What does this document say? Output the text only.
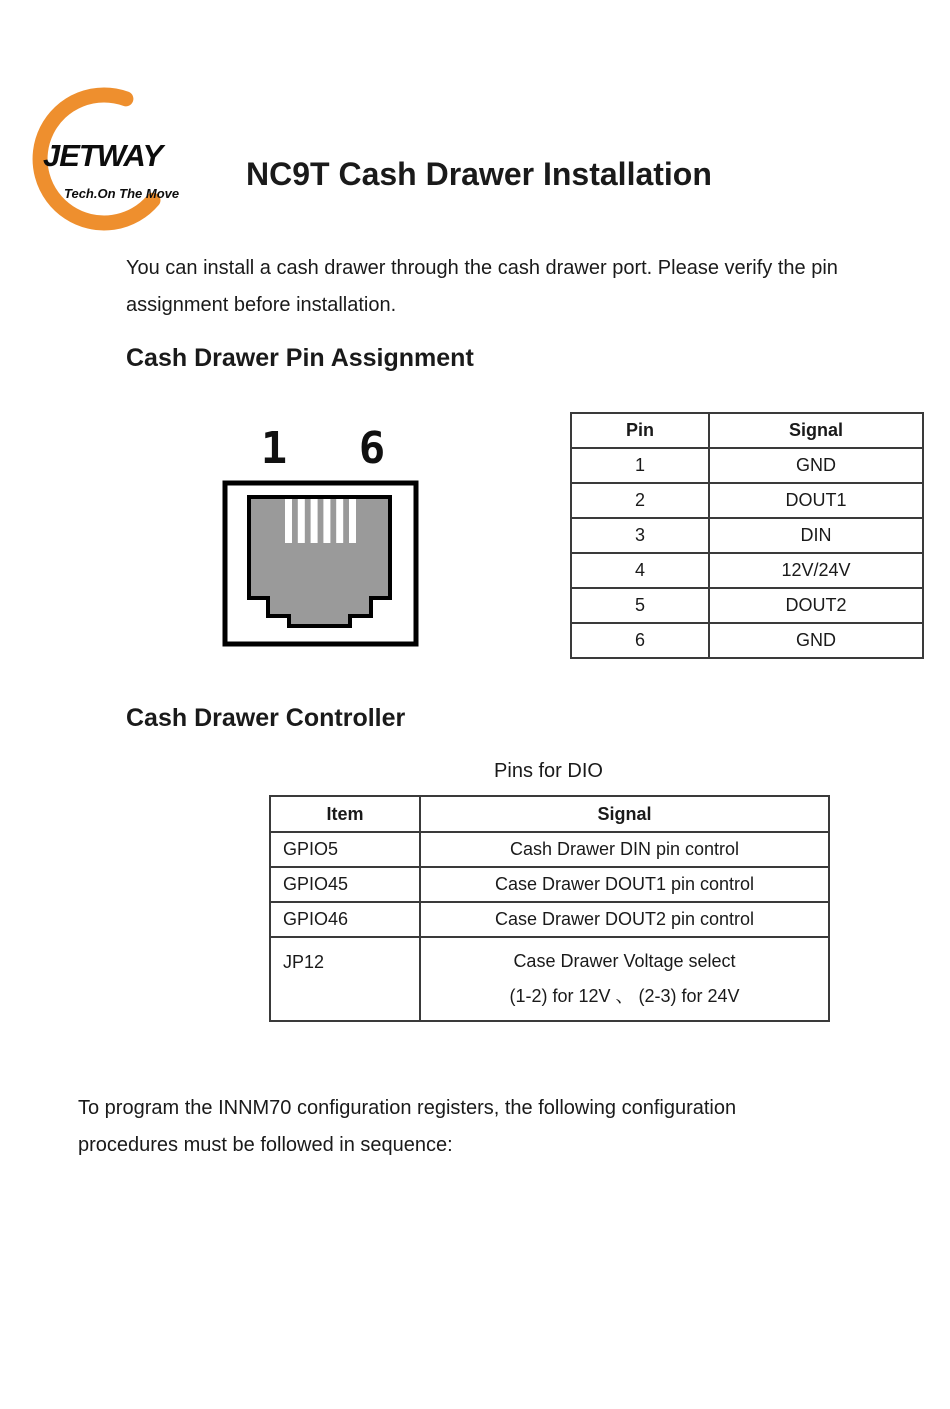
JETWAY
Tech.On The Move
NC9T Cash Drawer Installation
You can install a cash drawer through the cash drawer port. Please verify the pin
assignment before installation.
Cash Drawer Pin Assignment
1 6	Pin	Signal
1	GND
2	DOUT1
3	DIN
4	12V/24V
5	DOUT2
6	GND
Cash Drawer Controller
Pins for DIO
Item	Signal
GPIO5	Cash Drawer DIN pin control
GPIO45	Case Drawer DOUT1 pin control
GPIO46	Case Drawer DOUT2 pin control
JP12	Case Drawer Voltage select
(1-2) for 12V 、 (2-3) for 24V
To program the INNM70 configuration registers, the following configuration
procedures must be followed in sequence:
